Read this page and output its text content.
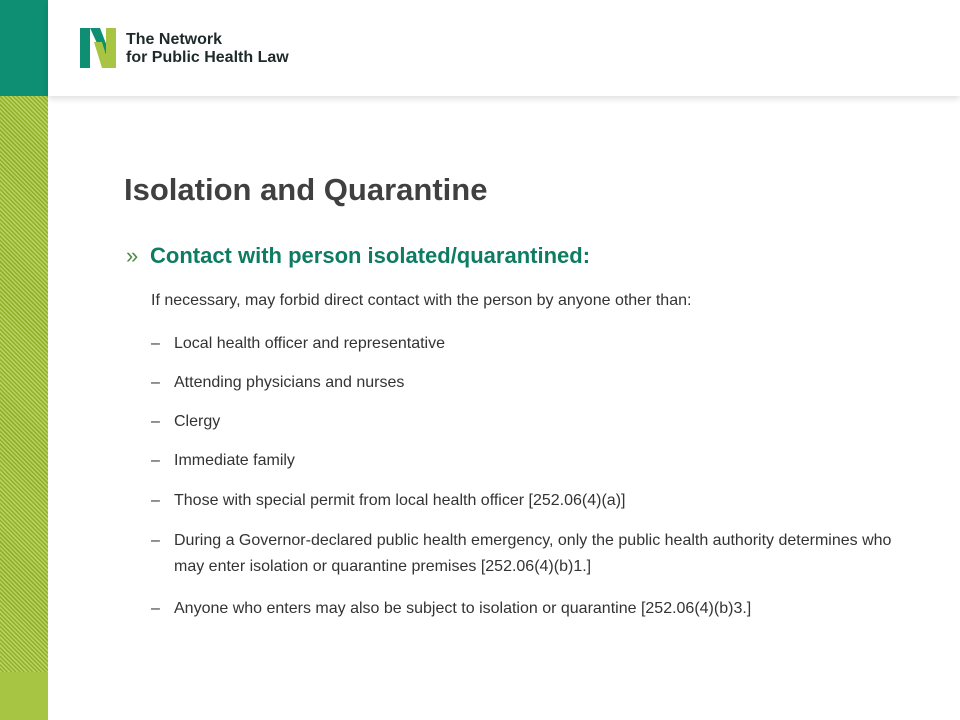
The Network
for Public Health Law
Isolation and Quarantine
» Contact with person isolated/quarantined:
If necessary, may forbid direct contact with the person by anyone other than:
– Local health officer and representative
– Attending physicians and nurses
– Clergy
– Immediate family
– Those with special permit from local health officer [252.06(4)(a)]
– During a Governor-declared public health emergency, only the public health authority determines who may enter isolation or quarantine premises [252.06(4)(b)1.]
– Anyone who enters may also be subject to isolation or quarantine [252.06(4)(b)3.]
